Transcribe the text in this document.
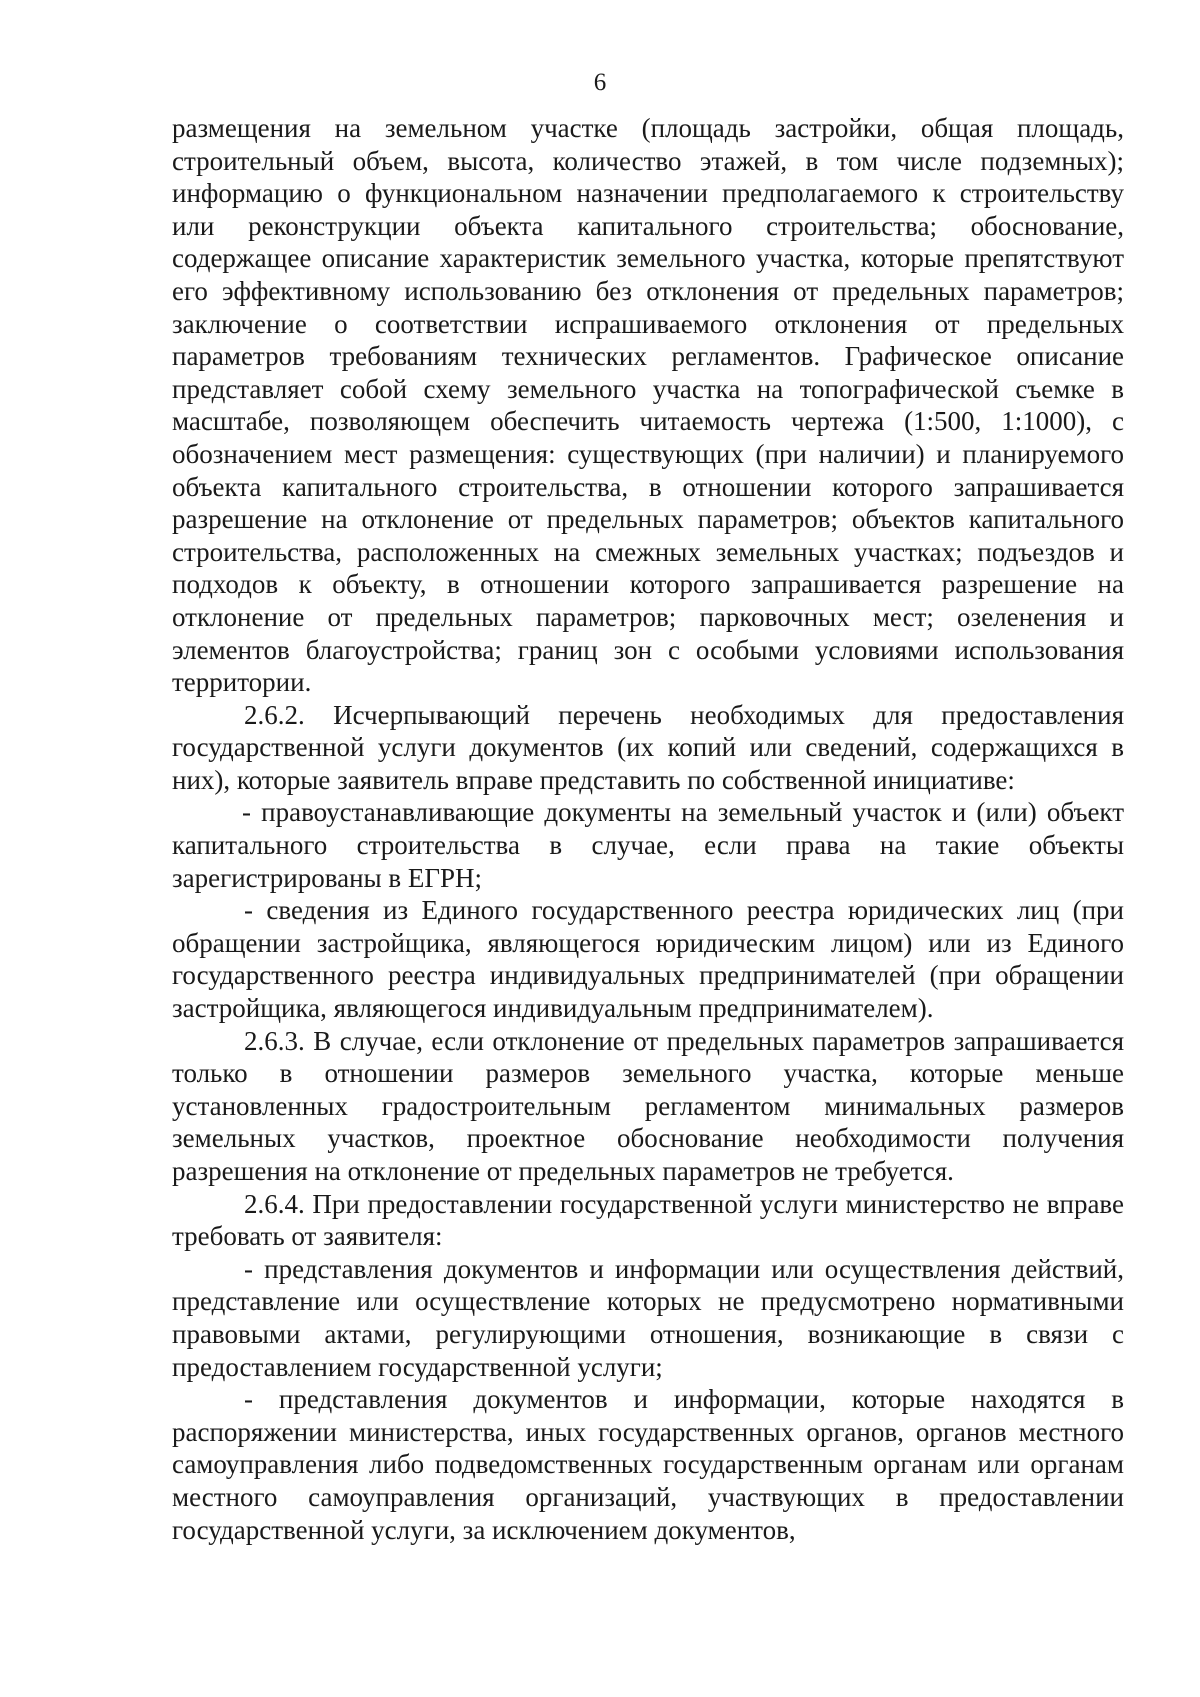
6

размещения на земельном участке (площадь застройки, общая площадь, строительный объем, высота, количество этажей, в том числе подземных); информацию о функциональном назначении предполагаемого к строительству или реконструкции объекта капитального строительства; обоснование, содержащее описание характеристик земельного участка, которые препятствуют его эффективному использованию без отклонения от предельных параметров; заключение о соответствии испрашиваемого отклонения от предельных параметров требованиям технических регламентов. Графическое описание представляет собой схему земельного участка на топографической съемке в масштабе, позволяющем обеспечить читаемость чертежа (1:500, 1:1000), с обозначением мест размещения: существующих (при наличии) и планируемого объекта капитального строительства, в отношении которого запрашивается разрешение на отклонение от предельных параметров; объектов капитального строительства, расположенных на смежных земельных участках; подъездов и подходов к объекту, в отношении которого запрашивается разрешение на отклонение от предельных параметров; парковочных мест; озеленения и элементов благоустройства; границ зон с особыми условиями использования территории.

2.6.2. Исчерпывающий перечень необходимых для предоставления государственной услуги документов (их копий или сведений, содержащихся в них), которые заявитель вправе представить по собственной инициативе:

- правоустанавливающие документы на земельный участок и (или) объект капитального строительства в случае, если права на такие объекты зарегистрированы в ЕГРН;

- сведения из Единого государственного реестра юридических лиц (при обращении застройщика, являющегося юридическим лицом) или из Единого государственного реестра индивидуальных предпринимателей (при обращении застройщика, являющегося индивидуальным предпринимателем).

2.6.3. В случае, если отклонение от предельных параметров запрашивается только в отношении размеров земельного участка, которые меньше установленных градостроительным регламентом минимальных размеров земельных участков, проектное обоснование необходимости получения разрешения на отклонение от предельных параметров не требуется.

2.6.4. При предоставлении государственной услуги министерство не вправе требовать от заявителя:

- представления документов и информации или осуществления действий, представление или осуществление которых не предусмотрено нормативными правовыми актами, регулирующими отношения, возникающие в связи с предоставлением государственной услуги;

- представления документов и информации, которые находятся в распоряжении министерства, иных государственных органов, органов местного самоуправления либо подведомственных государственным органам или органам местного самоуправления организаций, участвующих в предоставлении государственной услуги, за исключением документов,
